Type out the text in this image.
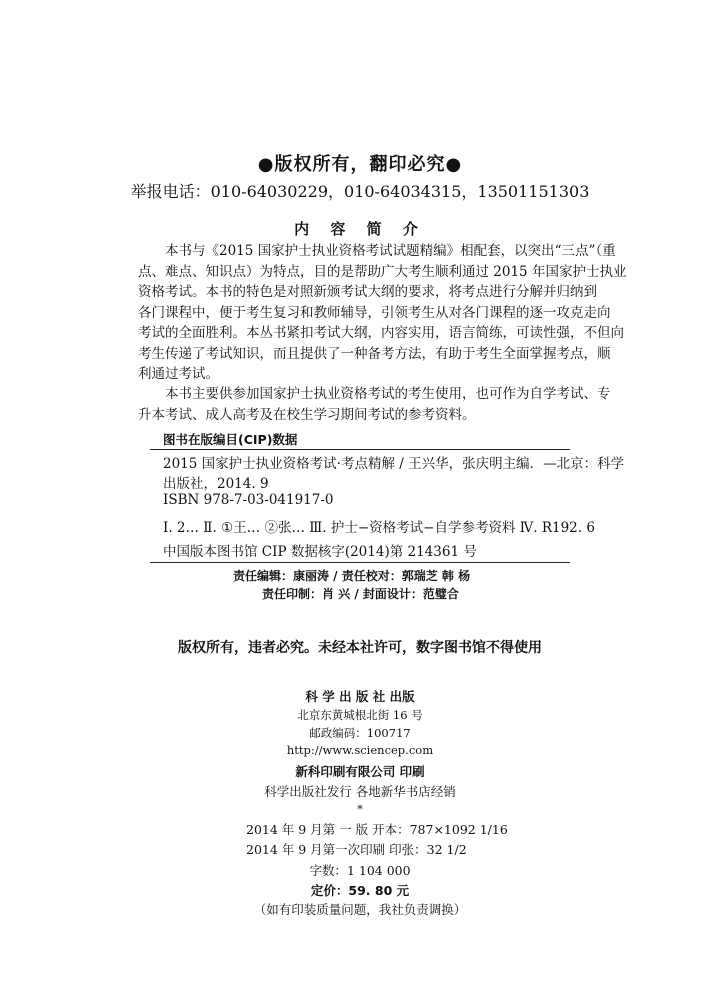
●版权所有，翻印必究●
举报电话：010-64030229，010-64034315，13501151303
内 容 简 介
本书与《2015 国家护士执业资格考试试题精编》相配套，以突出“三点”（重
点、难点、知识点）为特点，目的是帮助广大考生顺利通过 2015 年国家护士执业
资格考试。本书的特色是对照新颁考试大纲的要求，将考点进行分解并归纳到
各门课程中，便于考生复习和教师辅导，引领考生从对各门课程的逐一攻克走向
考试的全面胜利。本丛书紧扣考试大纲，内容实用，语言简练，可读性强，不但向
考生传递了考试知识，而且提供了一种备考方法，有助于考生全面掌握考点，顺
利通过考试。
本书主要供参加国家护士执业资格考试的考生使用，也可作为自学考试、专
升本考试、成人高考及在校生学习期间考试的参考资料。
图书在版编目(CIP)数据
2015 国家护士执业资格考试·考点精解 / 王兴华，张庆明主编．—北京：科学
出版社，2014. 9
ISBN 978-7-03-041917-0
Ⅰ. 2… Ⅱ. ①王… ②张… Ⅲ. 护士−资格考试−自学参考资料 Ⅳ. R192. 6
中国版本图书馆 CIP 数据核字(2014)第 214361 号
责任编辑：康丽涛 / 责任校对：郭瑞芝 韩 杨
责任印制：肖 兴 / 封面设计：范璧合
版权所有，违者必究。未经本社许可，数字图书馆不得使用
科 学 出 版 社 出版
北京东黄城根北街 16 号
邮政编码：100717
http://www.sciencep.com
新科印刷有限公司 印刷
科学出版社发行 各地新华书店经销
*
2014 年 9 月第 一 版 开本：787×1092 1/16
2014 年 9 月第一次印刷 印张：32 1/2
字数：1 104 000
定价：59. 80 元
（如有印装质量问题，我社负责调换）
